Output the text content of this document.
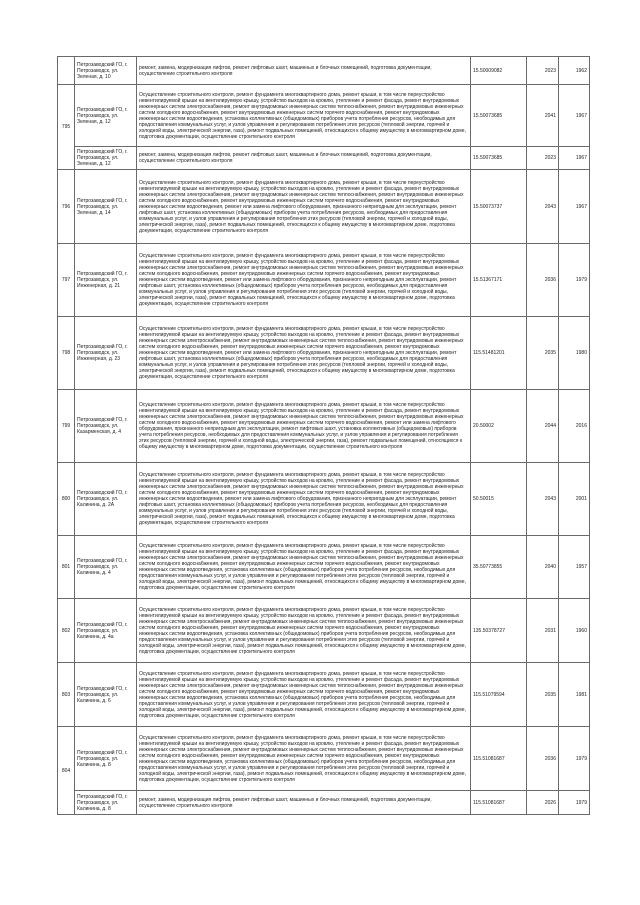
	Петрозаводский ГО, г. Петрозаводск, ул. Зеленая, д. 10	ремонт, замена, модернизация лифтов, ремонт лифтовых шахт, машинных и блочных помещений, подготовка документации, осуществление строительного контроля	15.50009082	2023	1962
795	Петрозаводский ГО, г. Петрозаводск, ул. Зеленая, д. 12	Осуществление строительного контроля, ремонт фундамента многоквартирного дома, ремонт крыши, в том числе переустройство невентилируемой крыши на вентилируемую крышу, устройство выходов на кровлю, утепление и ремонт фасада, ремонт внутридомовых инженерных систем электроснабжения, ремонт внутридомовых инженерных систем теплоснабжения, ремонт внутридомовых инженерных систем холодного водоснабжения, ремонт внутридомовых инженерных систем горячего водоснабжения, ремонт внутридомовых инженерных систем водоотведения, установка коллективных (общедомовых) приборов учета потребления ресурсов, необходимых для предоставления коммунальных услуг, и узлов управления и регулирования потребления этих ресурсов (тепловой энергии, горячей и холодной воды, электрической энергии, газа), ремонт подвальных помещений, относящихся к общему имуществу в многоквартирном доме, подготовка документации, осуществление строительного контроля	15.50073685	2041	1967
	Петрозаводский ГО, г. Петрозаводск, ул. Зеленая, д. 12	ремонт, замена, модернизация лифтов, ремонт лифтовых шахт, машинных и блочных помещений, подготовка документации, осуществление строительного контроля	15.50073685	2023	1967
796	Петрозаводский ГО, г. Петрозаводск, ул. Зеленая, д. 14	Осуществление строительного контроля, ремонт фундамента многоквартирного дома, ремонт крыши, в том числе переустройство невентилируемой крыши на вентилируемую крышу, устройство выходов на кровлю, утепление и ремонт фасада, ремонт внутридомовых инженерных систем электроснабжения, ремонт внутридомовых инженерных систем теплоснабжения, ремонт внутридомовых инженерных систем холодного водоснабжения, ремонт внутридомовых инженерных систем горячего водоснабжения, ремонт внутридомовых инженерных систем водоотведения, ремонт или замена лифтового оборудования, признанного непригодным для эксплуатации, ремонт лифтовых шахт, установка коллективных (общедомовых) приборов учета потребления ресурсов, необходимых для предоставления коммунальных услуг, и узлов управления и регулирования потребления этих ресурсов (тепловой энергии, горячей и холодной воды, электрической энергии, газа), ремонт подвальных помещений, относящихся к общему имуществу в многоквартирном доме, подготовка документации, осуществление строительного контроля	15.50073737	2043	1967
797	Петрозаводский ГО, г. Петрозаводск, ул. Инженерная, д. 21	Осуществление строительного контроля, ремонт фундамента многоквартирного дома, ремонт крыши, в том числе переустройство невентилируемой крыши на вентилируемую крышу, устройство выходов на кровлю, утепление и ремонт фасада, ремонт внутридомовых инженерных систем электроснабжения, ремонт внутридомовых инженерных систем теплоснабжения, ремонт внутридомовых инженерных систем холодного водоснабжения, ремонт внутридомовых инженерных систем горячего водоснабжения, ремонт внутридомовых инженерных систем водоотведения, ремонт или замена лифтового оборудования, признанного непригодным для эксплуатации, ремонт лифтовых шахт, установка коллективных (общедомовых) приборов учета потребления ресурсов, необходимых для предоставления коммунальных услуг, и узлов управления и регулирования потребления этих ресурсов (тепловой энергии, горячей и холодной воды, электрической энергии, газа), ремонт подвальных помещений, относящихся к общему имуществу в многоквартирном доме, подготовка документации, осуществление строительного контроля	15.51367171	2036	1979
798	Петрозаводский ГО, г. Петрозаводск, ул. Инженерная, д. 23	Осуществление строительного контроля, ремонт фундамента многоквартирного дома, ремонт крыши, в том числе переустройство невентилируемой крыши на вентилируемую крышу, устройство выходов на кровлю, утепление и ремонт фасада, ремонт внутридомовых инженерных систем электроснабжения, ремонт внутридомовых инженерных систем теплоснабжения, ремонт внутридомовых инженерных систем холодного водоснабжения, ремонт внутридомовых инженерных систем горячего водоснабжения, ремонт внутридомовых инженерных систем водоотведения, ремонт или замена лифтового оборудования, признанного непригодным для эксплуатации, ремонт лифтовых шахт, установка коллективных (общедомовых) приборов учета потребления ресурсов, необходимых для предоставления коммунальных услуг, и узлов управления и регулирования потребления этих ресурсов (тепловой энергии, горячей и холодной воды, электрической энергии, газа), ремонт подвальных помещений, относящихся к общему имуществу в многоквартирном доме, подготовка документации, осуществление строительного контроля	115.51481201	2035	1980
799	Петрозаводский ГО, г. Петрозаводск, ул. Казарменская, д. 4	Осуществление строительного контроля, ремонт фундамента многоквартирного дома, ремонт крыши, в том числе переустройство невентилируемой крыши на вентилируемую крышу, устройство выходов на кровлю, утепление и ремонт фасада, ремонт внутридомовых инженерных систем электроснабжения, ремонт внутридомовых инженерных систем теплоснабжения, ремонт внутридомовых инженерных систем холодного водоснабжения, ремонт внутридомовых инженерных систем горячего водоснабжения, ремонт или замена лифтового оборудования, признанного непригодным для эксплуатации, ремонт лифтовых шахт, установка коллективных (общедомовых) приборов учета потребления ресурсов, необходимых для предоставления коммунальных услуг, и узлов управления и регулирования потребления этих ресурсов (тепловой энергии, горячей и холодной воды, электрической энергии, газа), ремонт подвальных помещений, относящихся к общему имуществу в многоквартирном доме, подготовка документации, осуществление строительного контроля	20.50002	2044	2016
800	Петрозаводский ГО, г. Петрозаводск, ул. Калинина, д. 2А	Осуществление строительного контроля, ремонт фундамента многоквартирного дома, ремонт крыши, в том числе переустройство невентилируемой крыши на вентилируемую крышу, устройство выходов на кровлю, утепление и ремонт фасада, ремонт внутридомовых инженерных систем электроснабжения, ремонт внутридомовых инженерных систем теплоснабжения, ремонт внутридомовых инженерных систем холодного водоснабжения, ремонт внутридомовых инженерных систем горячего водоснабжения, ремонт внутридомовых инженерных систем водоотведения, ремонт или замена лифтового оборудования, признанного непригодным для эксплуатации, ремонт лифтовых шахт, установка коллективных (общедомовых) приборов учета потребления ресурсов, необходимых для предоставления коммунальных услуг, и узлов управления и регулирования потребления этих ресурсов (тепловой энергии, горячей и холодной воды, электрической энергии, газа), ремонт подвальных помещений, относящихся к общему имуществу в многоквартирном доме, подготовка документации, осуществление строительного контроля	50.50015	2043	2001
801	Петрозаводский ГО, г. Петрозаводск, ул. Калинина, д. 4	Осуществление строительного контроля, ремонт фундамента многоквартирного дома, ремонт крыши, в том числе переустройство невентилируемой крыши на вентилируемую крышу, устройство выходов на кровлю, утепление и ремонт фасада, ремонт внутридомовых инженерных систем электроснабжения, ремонт внутридомовых инженерных систем теплоснабжения, ремонт внутридомовых инженерных систем холодного водоснабжения, ремонт внутридомовых инженерных систем горячего водоснабжения, ремонт внутридомовых инженерных систем водоотведения, установка коллективных (общедомовых) приборов учета потребления ресурсов, необходимых для предоставления коммунальных услуг, и узлов управления и регулирования потребления этих ресурсов (тепловой энергии, горячей и холодной воды, электрической энергии, газа), ремонт подвальных помещений, относящихся к общему имуществу в многоквартирном доме, подготовка документации, осуществление строительного контроля	35.50773855	2040	1957
802	Петрозаводский ГО, г. Петрозаводск, ул. Калинина, д. 4а	Осуществление строительного контроля, ремонт фундамента многоквартирного дома, ремонт крыши, в том числе переустройство невентилируемой крыши на вентилируемую крышу, устройство выходов на кровлю, утепление и ремонт фасада, ремонт внутридомовых инженерных систем электроснабжения, ремонт внутридомовых инженерных систем теплоснабжения, ремонт внутридомовых инженерных систем холодного водоснабжения, ремонт внутридомовых инженерных систем горячего водоснабжения, ремонт внутридомовых инженерных систем водоотведения, установка коллективных (общедомовых) приборов учета потребления ресурсов, необходимых для предоставления коммунальных услуг, и узлов управления и регулирования потребления этих ресурсов (тепловой энергии, горячей и холодной воды, электрической энергии, газа), ремонт подвальных помещений, относящихся к общему имуществу в многоквартирном доме, подготовка документации, осуществление строительного контроля	135.50378727	2031	1960
803	Петрозаводский ГО, г. Петрозаводск, ул. Калинина, д. 6	Осуществление строительного контроля, ремонт фундамента многоквартирного дома, ремонт крыши, в том числе переустройство невентилируемой крыши на вентилируемую крышу, устройство выходов на кровлю, утепление и ремонт фасада, ремонт внутридомовых инженерных систем электроснабжения, ремонт внутридомовых инженерных систем теплоснабжения, ремонт внутридомовых инженерных систем холодного водоснабжения, ремонт внутридомовых инженерных систем горячего водоснабжения, ремонт внутридомовых инженерных систем водоотведения, установка коллективных (общедомовых) приборов учета потребления ресурсов, необходимых для предоставления коммунальных услуг, и узлов управления и регулирования потребления этих ресурсов (тепловой энергии, горячей и холодной воды, электрической энергии, газа), ремонт подвальных помещений, относящихся к общему имуществу в многоквартирном доме, подготовка документации, осуществление строительного контроля	115.51079594	2035	1981
804	Петрозаводский ГО, г. Петрозаводск, ул. Калинина, д. 8	Осуществление строительного контроля, ремонт фундамента многоквартирного дома, ремонт крыши, в том числе переустройство невентилируемой крыши на вентилируемую крышу, устройство выходов на кровлю, утепление и ремонт фасада, ремонт внутридомовых инженерных систем электроснабжения, ремонт внутридомовых инженерных систем теплоснабжения, ремонт внутридомовых инженерных систем холодного водоснабжения, ремонт внутридомовых инженерных систем горячего водоснабжения, ремонт внутридомовых инженерных систем водоотведения, установка коллективных (общедомовых) приборов учета потребления ресурсов, необходимых для предоставления коммунальных услуг, и узлов управления и регулирования потребления этих ресурсов (тепловой энергии, горячей и холодной воды, электрической энергии, газа), ремонт подвальных помещений, относящихся к общему имуществу в многоквартирном доме, подготовка документации, осуществление строительного контроля	115.51081687	2036	1979
	Петрозаводский ГО, г. Петрозаводск, ул. Калинина, д. 8	ремонт, замена, модернизация лифтов, ремонт лифтовых шахт, машинных и блочных помещений, подготовка документации, осуществление строительного контроля	115.51081687	2026	1979
